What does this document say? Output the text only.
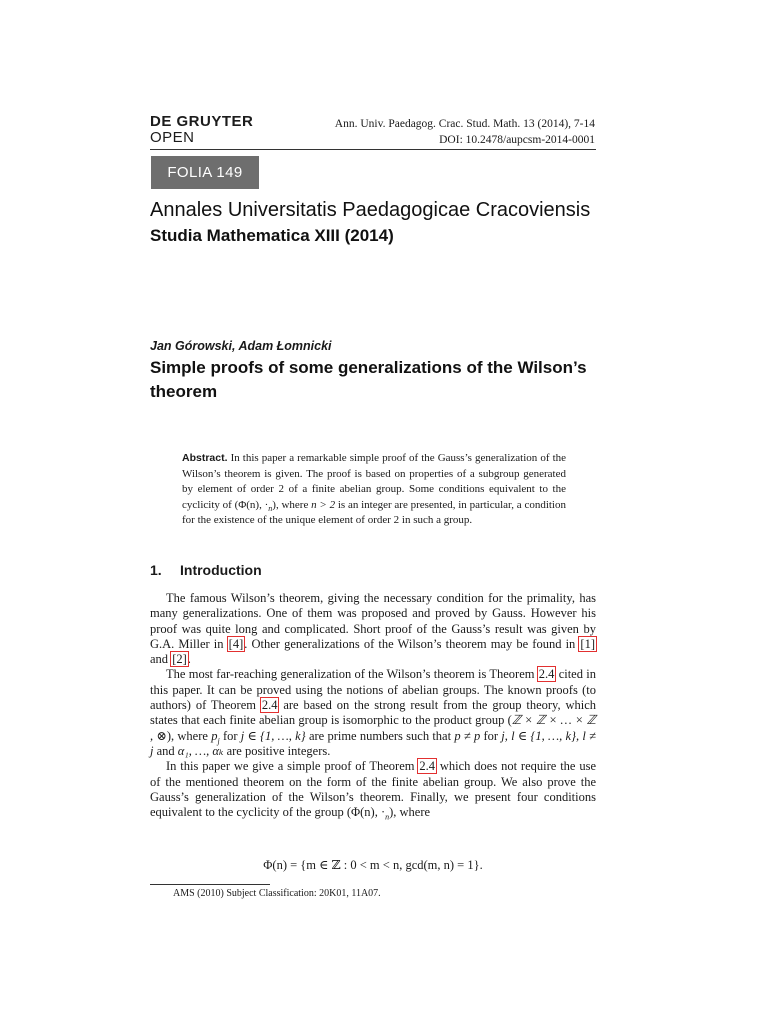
DE GRUYTER
OPEN
Ann. Univ. Paedagog. Crac. Stud. Math. 13 (2014), 7-14
DOI: 10.2478/aupcsm-2014-0001
FOLIA 149
Annales Universitatis Paedagogicae Cracoviensis
Studia Mathematica XIII (2014)
Jan Górowski, Adam Łomnicki
Simple proofs of some generalizations of the Wilson’s theorem
Abstract. In this paper a remarkable simple proof of the Gauss’s generalization of the Wilson’s theorem is given. The proof is based on properties of a subgroup generated by element of order 2 of a finite abelian group. Some conditions equivalent to the cyclicity of (Φ(n), $\cdot_n$), where n > 2 is an integer are presented, in particular, a condition for the existence of the unique element of order 2 in such a group.
1. Introduction

The famous Wilson’s theorem, giving the necessary condition for the primality, has many generalizations. One of them was proposed and proved by Gauss. However his proof was quite long and complicated. Short proof of the Gauss’s result was given by G.A. Miller in [4]. Other generalizations of the Wilson’s theorem may be found in [1] and [2].

The most far-reaching generalization of the Wilson’s theorem is Theorem 2.4 cited in this paper. It can be proved using the notions of abelian groups. The known proofs (to authors) of Theorem 2.4 are based on the strong result from the group theory, which states that each finite abelian group is isomorphic to the product group (ℤ × ℤ × … × ℤ , ⊗), where $p_j$ for j ∈ {1, …, k} are prime numbers such that p ≠ p for j, l ∈ {1, …, k}, l ≠ j and α₁, …, αₖ are positive integers.

In this paper we give a simple proof of Theorem 2.4 which does not require the use of the mentioned theorem on the form of the finite abelian group. We also prove the Gauss’s generalization of the Wilson’s theorem. Finally, we present four conditions equivalent to the cyclicity of the group (Φ(n), $\cdot_n$), where

Φ(n) = {m ∈ ℤ : 0 < m < n, gcd(m, n) = 1}.
AMS (2010) Subject Classification: 20K01, 11A07.
